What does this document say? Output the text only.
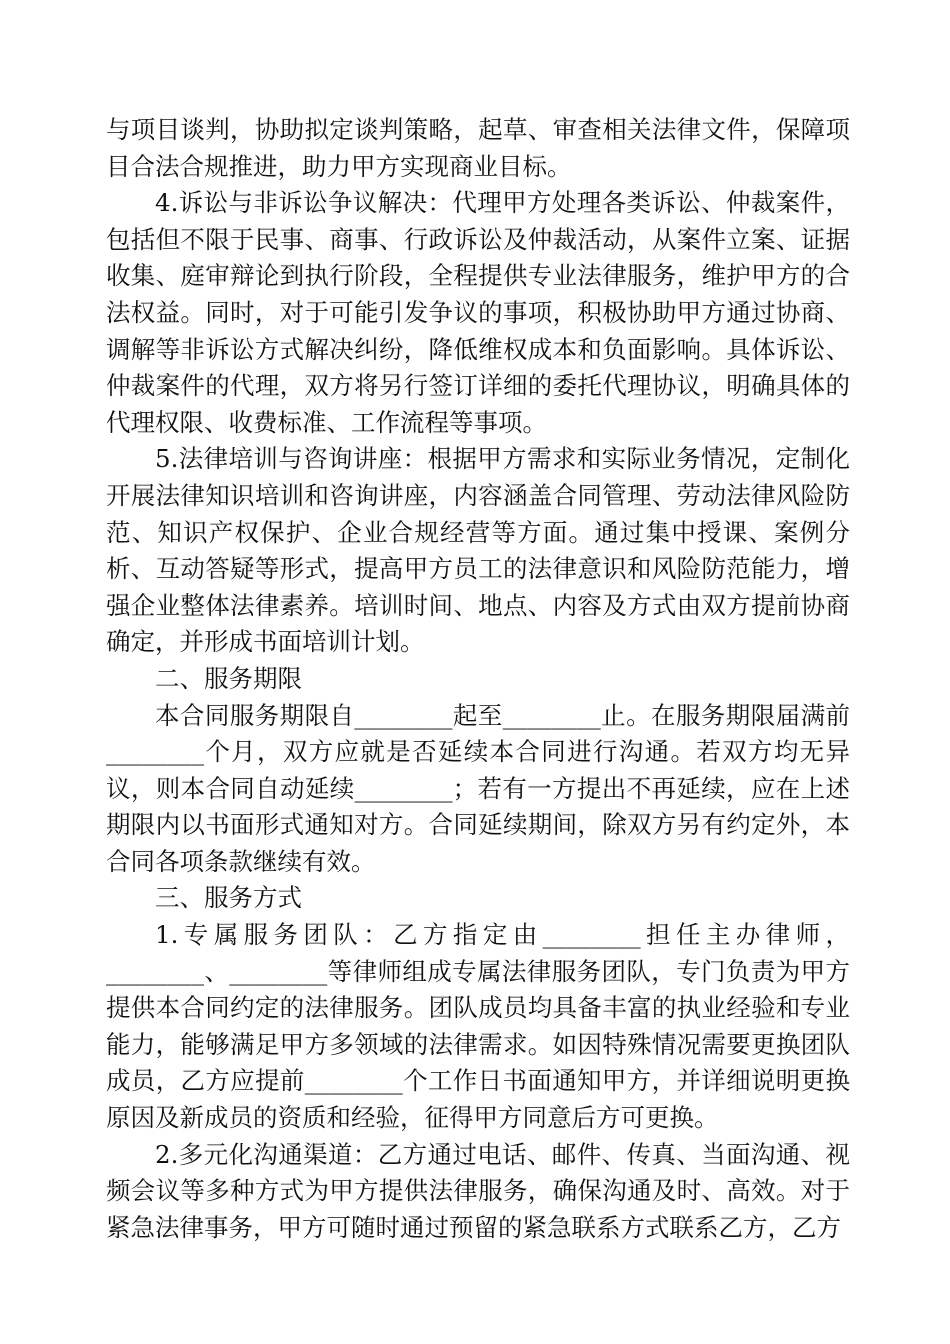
与项目谈判，协助拟定谈判策略，起草、审查相关法律文件，保障项目合法合规推进，助力甲方实现商业目标。

4.诉讼与非诉讼争议解决：代理甲方处理各类诉讼、仲裁案件，包括但不限于民事、商事、行政诉讼及仲裁活动，从案件立案、证据收集、庭审辩论到执行阶段，全程提供专业法律服务，维护甲方的合法权益。同时，对于可能引发争议的事项，积极协助甲方通过协商、调解等非诉讼方式解决纠纷，降低维权成本和负面影响。具体诉讼、仲裁案件的代理，双方将另行签订详细的委托代理协议，明确具体的代理权限、收费标准、工作流程等事项。

5.法律培训与咨询讲座：根据甲方需求和实际业务情况，定制化开展法律知识培训和咨询讲座，内容涵盖合同管理、劳动法律风险防范、知识产权保护、企业合规经营等方面。通过集中授课、案例分析、互动答疑等形式，提高甲方员工的法律意识和风险防范能力，增强企业整体法律素养。培训时间、地点、内容及方式由双方提前协商确定，并形成书面培训计划。

二、服务期限

本合同服务期限自________起至________止。在服务期限届满前________个月，双方应就是否延续本合同进行沟通。若双方均无异议，则本合同自动延续________；若有一方提出不再延续，应在上述期限内以书面形式通知对方。合同延续期间，除双方另有约定外，本合同各项条款继续有效。

三、服务方式

1.专属服务团队：乙方指定由________担任主办律师，________、________等律师组成专属法律服务团队，专门负责为甲方提供本合同约定的法律服务。团队成员均具备丰富的执业经验和专业能力，能够满足甲方多领域的法律需求。如因特殊情况需要更换团队成员，乙方应提前________个工作日书面通知甲方，并详细说明更换原因及新成员的资质和经验，征得甲方同意后方可更换。

2.多元化沟通渠道：乙方通过电话、邮件、传真、当面沟通、视频会议等多种方式为甲方提供法律服务，确保沟通及时、高效。对于紧急法律事务，甲方可随时通过预留的紧急联系方式联系乙方，乙方
